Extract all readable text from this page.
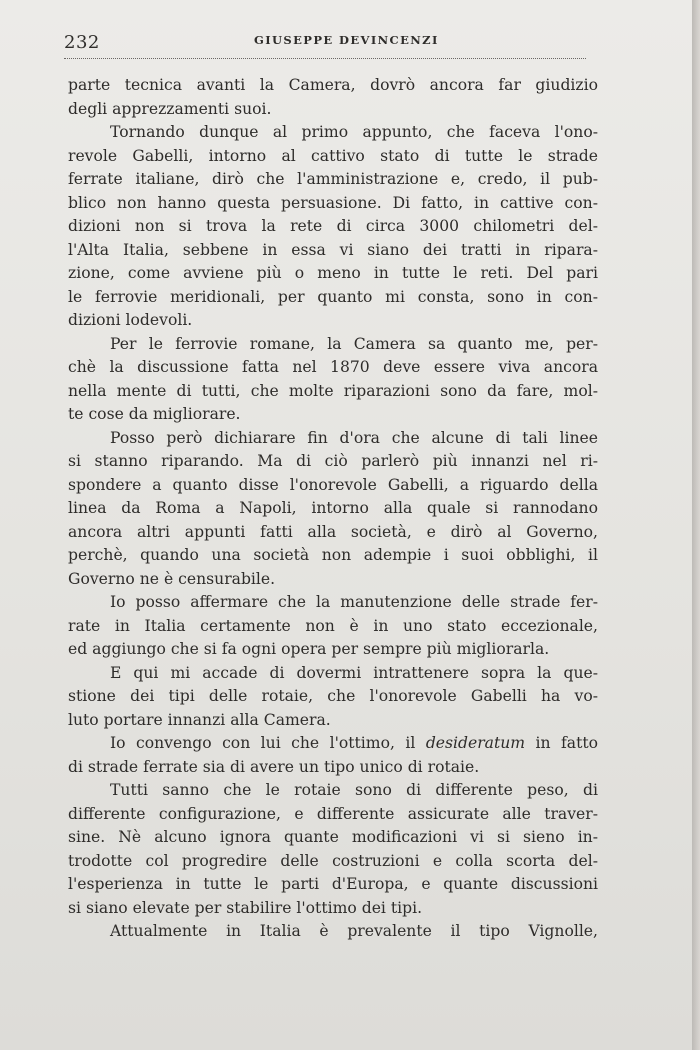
232	GIUSEPPE DEVINCENZI
parte tecnica avanti la Camera, dovrò ancora far giudizio
degli apprezzamenti suoi.
Tornando dunque al primo appunto, che faceva l'ono-
revole Gabelli, intorno al cattivo stato di tutte le strade
ferrate italiane, dirò che l'amministrazione e, credo, il pub-
blico non hanno questa persuasione. Di fatto, in cattive con-
dizioni non si trova la rete di circa 3000 chilometri del-
l'Alta Italia, sebbene in essa vi siano dei tratti in ripara-
zione, come avviene più o meno in tutte le reti. Del pari
le ferrovie meridionali, per quanto mi consta, sono in con-
dizioni lodevoli.
Per le ferrovie romane, la Camera sa quanto me, per-
chè la discussione fatta nel 1870 deve essere viva ancora
nella mente di tutti, che molte riparazioni sono da fare, mol-
te cose da migliorare.
Posso però dichiarare fin d'ora che alcune di tali linee
si stanno riparando. Ma di ciò parlerò più innanzi nel ri-
spondere a quanto disse l'onorevole Gabelli, a riguardo della
linea da Roma a Napoli, intorno alla quale si rannodano
ancora altri appunti fatti alla società, e dirò al Governo,
perchè, quando una società non adempie i suoi obblighi, il
Governo ne è censurabile.
Io posso affermare che la manutenzione delle strade fer-
rate in Italia certamente non è in uno stato eccezionale,
ed aggiungo che si fa ogni opera per sempre più migliorarla.
E qui mi accade di dovermi intrattenere sopra la que-
stione dei tipi delle rotaie, che l'onorevole Gabelli ha vo-
luto portare innanzi alla Camera.
Io convengo con lui che l'ottimo, il desideratum in fatto
di strade ferrate sia di avere un tipo unico di rotaie.
Tutti sanno che le rotaie sono di differente peso, di
differente configurazione, e differente assicurate alle traver-
sine. Nè alcuno ignora quante modificazioni vi si sieno in-
trodotte col progredire delle costruzioni e colla scorta del-
l'esperienza in tutte le parti d'Europa, e quante discussioni
si siano elevate per stabilire l'ottimo dei tipi.
Attualmente in Italia è prevalente il tipo Vignolle,
